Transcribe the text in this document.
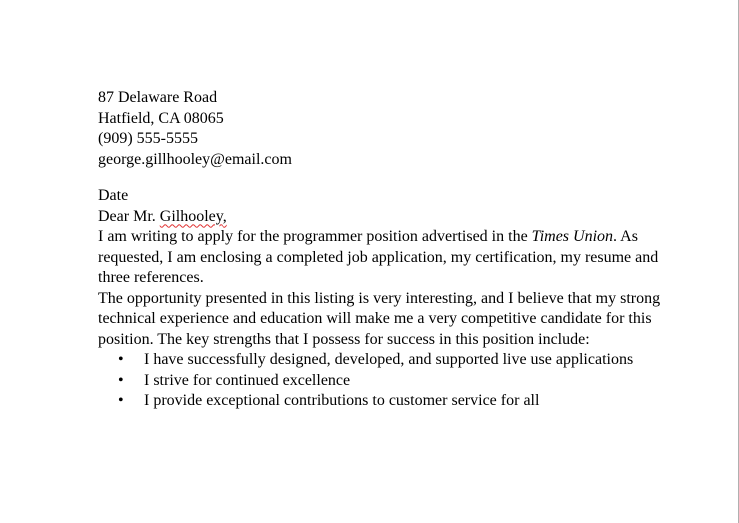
87 Delaware Road

Hatfield, CA 08065

(909) 555-5555

george.gillhooley@email.com

Date

Dear Mr. Gilhooley,

I am writing to apply for the programmer position advertised in the Times Union. As requested, I am enclosing a completed job application, my certification, my resume and three references.

The opportunity presented in this listing is very interesting, and I believe that my strong technical experience and education will make me a very competitive candidate for this position. The key strengths that I possess for success in this position include:

• I have successfully designed, developed, and supported live use applications
• I strive for continued excellence
• I provide exceptional contributions to customer service for all
